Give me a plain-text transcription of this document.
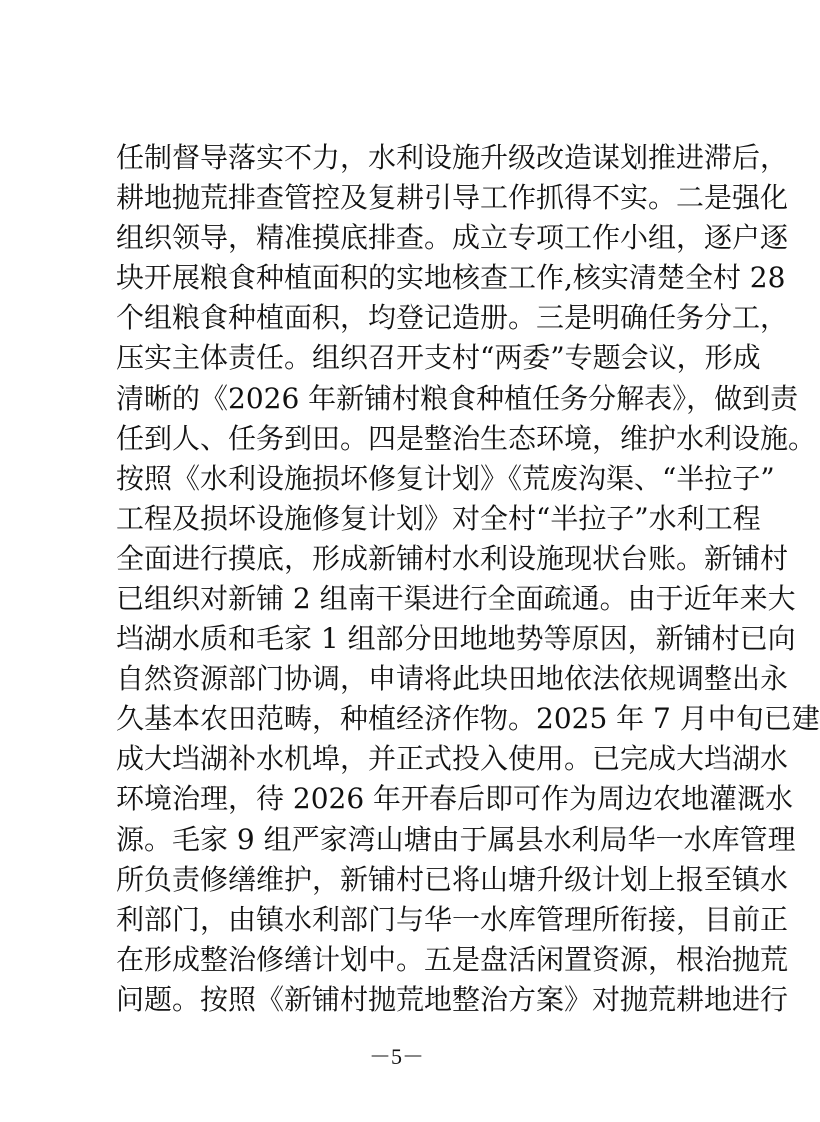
任制督导落实不力，水利设施升级改造谋划推进滞后，
耕地抛荒排查管控及复耕引导工作抓得不实。二是强化
组织领导，精准摸底排查。成立专项工作小组，逐户逐
块开展粮食种植面积的实地核查工作,核实清楚全村 28
个组粮食种植面积，均登记造册。三是明确任务分工，
压实主体责任。组织召开支村“两委”专题会议，形成
清晰的《2026 年新铺村粮食种植任务分解表》，做到责
任到人、任务到田。四是整治生态环境，维护水利设施。
按照《水利设施损坏修复计划》《荒废沟渠、“半拉子”
工程及损坏设施修复计划》对全村“半拉子”水利工程
全面进行摸底，形成新铺村水利设施现状台账。新铺村
已组织对新铺 2 组南干渠进行全面疏通。由于近年来大
垱湖水质和毛家 1 组部分田地地势等原因，新铺村已向
自然资源部门协调，申请将此块田地依法依规调整出永
久基本农田范畴，种植经济作物。2025 年 7 月中旬已建
成大垱湖补水机埠，并正式投入使用。已完成大垱湖水
环境治理，待 2026 年开春后即可作为周边农地灌溉水
源。毛家 9 组严家湾山塘由于属县水利局华一水库管理
所负责修缮维护，新铺村已将山塘升级计划上报至镇水
利部门，由镇水利部门与华一水库管理所衔接，目前正
在形成整治修缮计划中。五是盘活闲置资源，根治抛荒
问题。按照《新铺村抛荒地整治方案》对抛荒耕地进行
－5－
